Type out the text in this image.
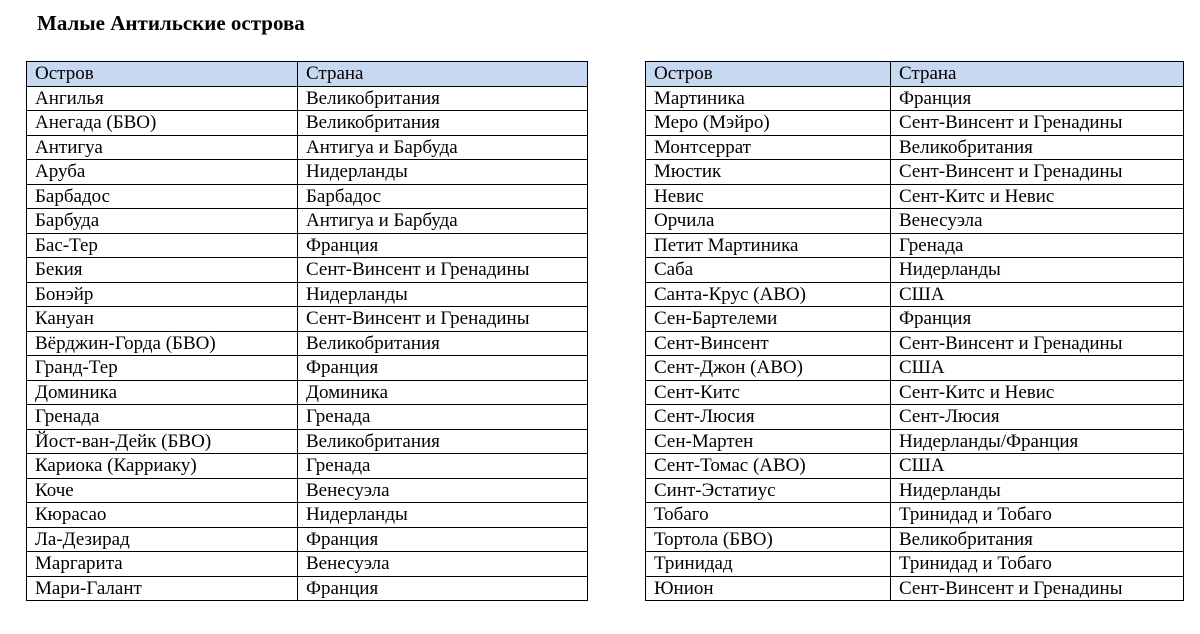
Малые Антильские острова
Остров	Страна
Ангилья	Великобритания
Анегада (БВО)	Великобритания
Антигуа	Антигуа и Барбуда
Аруба	Нидерланды
Барбадос	Барбадос
Барбуда	Антигуа и Барбуда
Бас-Тер	Франция
Бекия	Сент-Винсент и Гренадины
Бонэйр	Нидерланды
Кануан	Сент-Винсент и Гренадины
Вёрджин-Горда (БВО)	Великобритания
Гранд-Тер	Франция
Доминика	Доминика
Гренада	Гренада
Йост-ван-Дейк (БВО)	Великобритания
Кариока (Карриаку)	Гренада
Коче	Венесуэла
Кюрасао	Нидерланды
Ла-Дезирад	Франция
Маргарита	Венесуэла
Мари-Галант	Франция
Остров	Страна
Мартиника	Франция
Меро (Мэйро)	Сент-Винсент и Гренадины
Монтсеррат	Великобритания
Мюстик	Сент-Винсент и Гренадины
Невис	Сент-Китс и Невис
Орчила	Венесуэла
Петит Мартиника	Гренада
Саба	Нидерланды
Санта-Крус (АВО)	США
Сен-Бартелеми	Франция
Сент-Винсент	Сент-Винсент и Гренадины
Сент-Джон (АВО)	США
Сент-Китс	Сент-Китс и Невис
Сент-Люсия	Сент-Люсия
Сен-Мартен	Нидерланды/Франция
Сент-Томас (АВО)	США
Синт-Эстатиус	Нидерланды
Тобаго	Тринидад и Тобаго
Тортола (БВО)	Великобритания
Тринидад	Тринидад и Тобаго
Юнион	Сент-Винсент и Гренадины
